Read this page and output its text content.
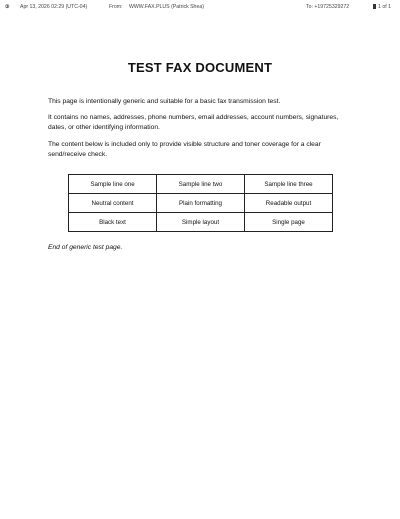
③ Apr 13, 2026 02:29 (UTC-04)	From: WWW.FAX.PLUS (Patrick Shea)	To: +19725329272	1 of 1
TEST FAX DOCUMENT

This page is intentionally generic and suitable for a basic fax transmission test.

It contains no names, addresses, phone numbers, email addresses, account numbers, signatures, dates, or other identifying information.

The content below is included only to provide visible structure and toner coverage for a clear send/receive check.

Sample line one	Sample line two	Sample line three
Neutral content	Plain formatting	Readable output
Black text	Simple layout	Single page

End of generic test page.
